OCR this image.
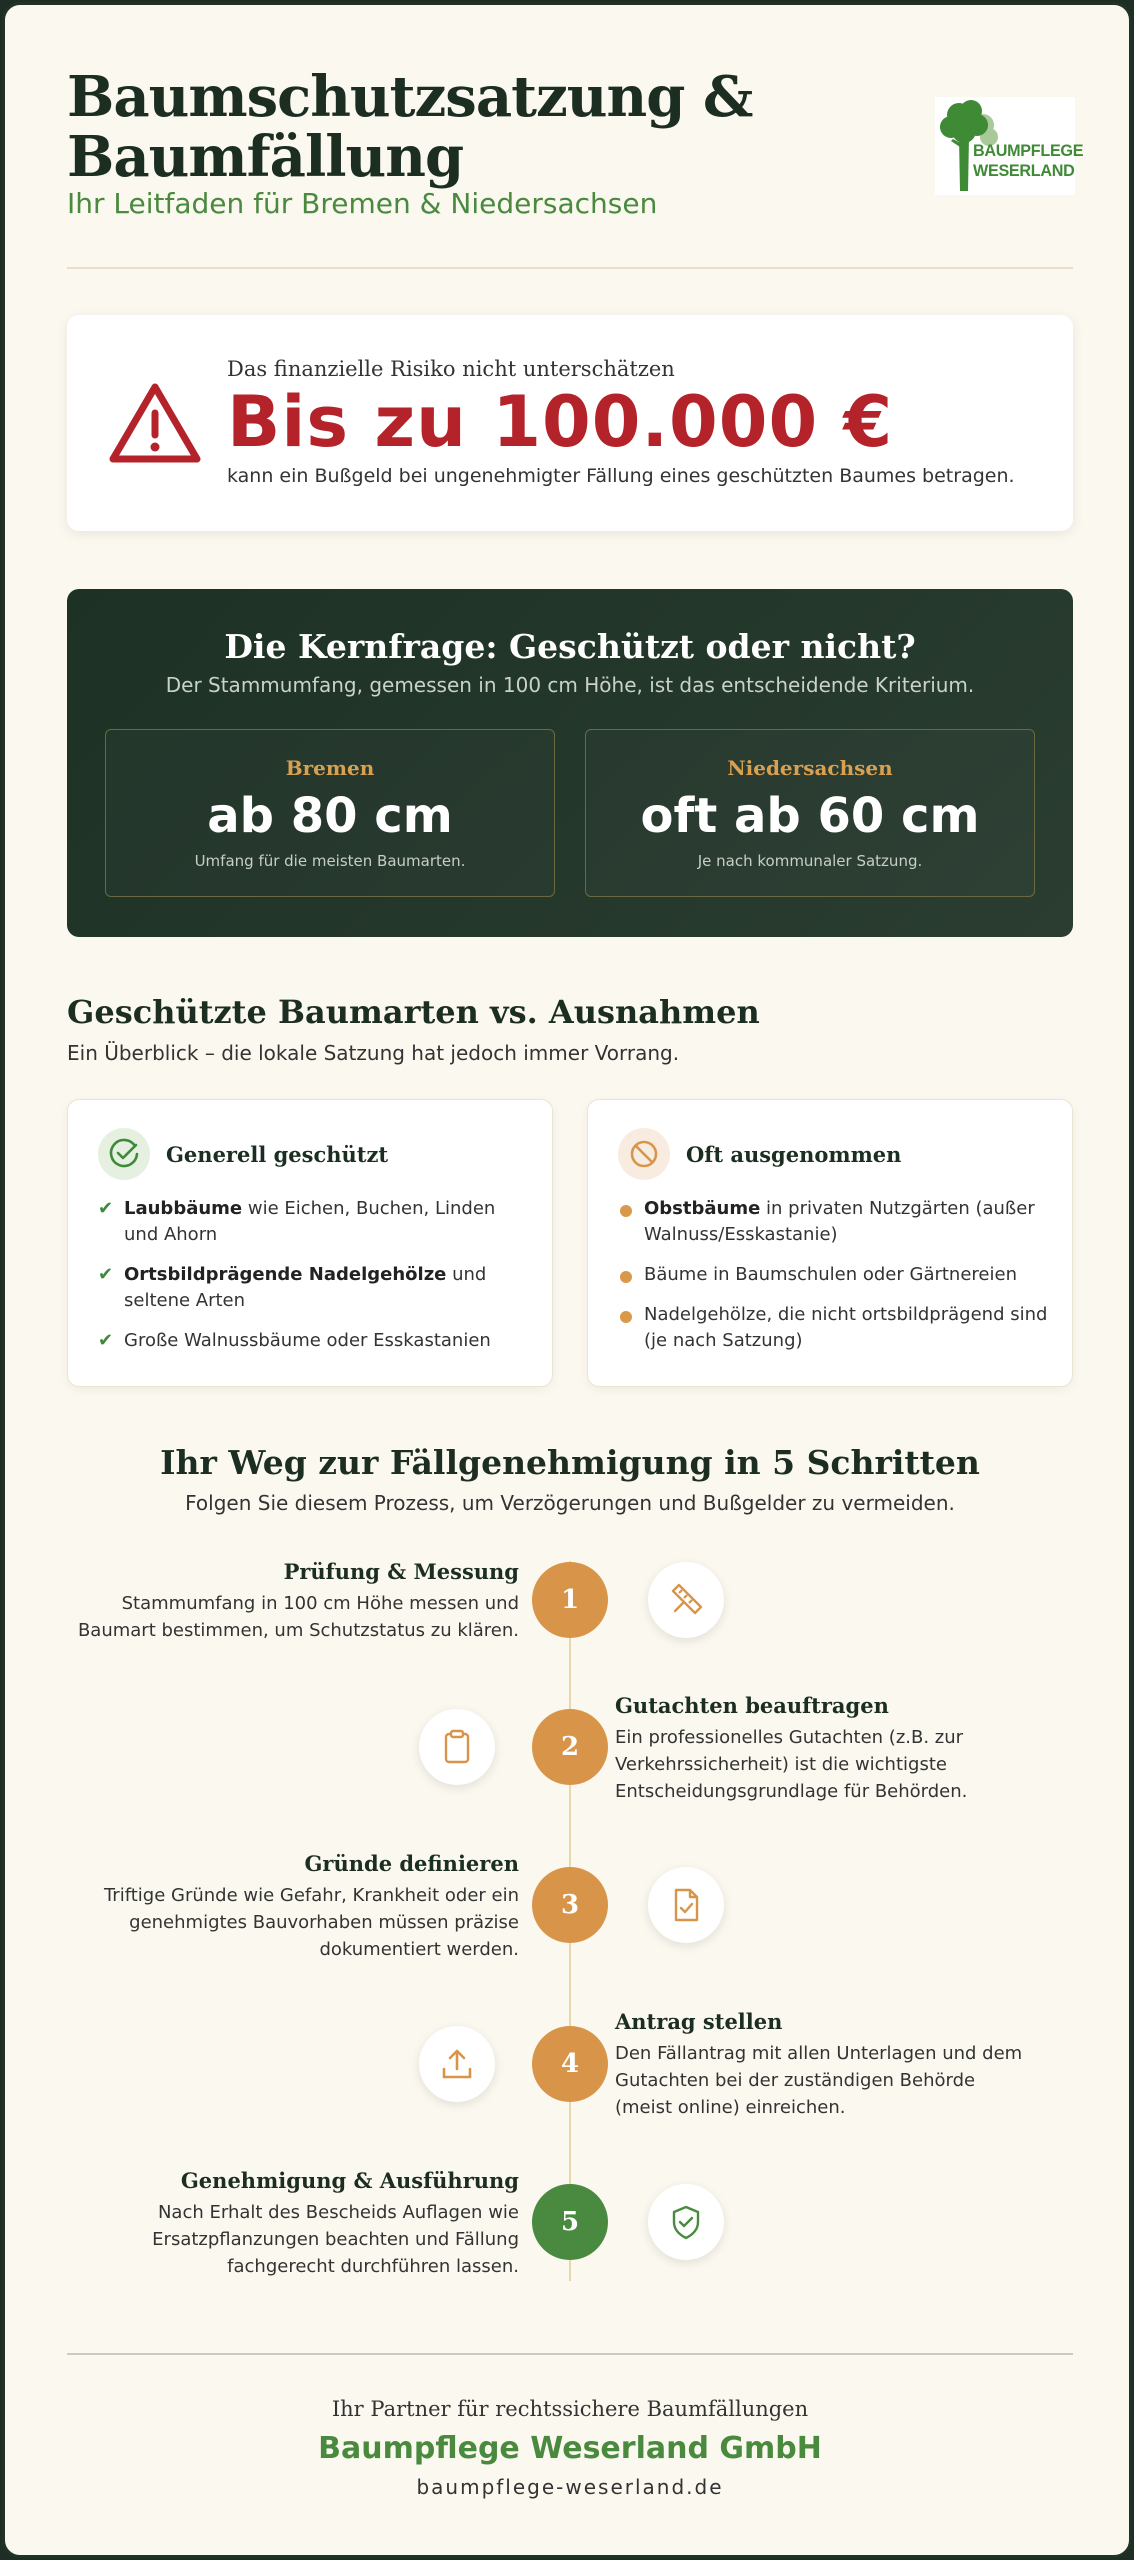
Baumschutzsatzung &
Baumfällung
Ihr Leitfaden für Bremen & Niedersachsen
BAUMPFLEGE
WESERLAND
Das finanzielle Risiko nicht unterschätzen
Bis zu 100.000 €
kann ein Bußgeld bei ungenehmigter Fällung eines geschützten Baumes betragen.
Die Kernfrage: Geschützt oder nicht?
Der Stammumfang, gemessen in 100 cm Höhe, ist das entscheidende Kriterium.
Bremen
ab 80 cm
Umfang für die meisten Baumarten.
Niedersachsen
oft ab 60 cm
Je nach kommunaler Satzung.
Geschützte Baumarten vs. Ausnahmen
Ein Überblick – die lokale Satzung hat jedoch immer Vorrang.
Generell geschützt
✔ Laubbäume wie Eichen, Buchen, Linden und Ahorn
✔ Ortsbildprägende Nadelgehölze und seltene Arten
✔ Große Walnussbäume oder Esskastanien
Oft ausgenommen
Obstbäume in privaten Nutzgärten (außer Walnuss/Esskastanie)
Bäume in Baumschulen oder Gärtnereien
Nadelgehölze, die nicht ortsbildprägend sind (je nach Satzung)
Ihr Weg zur Fällgenehmigung in 5 Schritten
Folgen Sie diesem Prozess, um Verzögerungen und Bußgelder zu vermeiden.
Prüfung & Messung
Stammumfang in 100 cm Höhe messen und Baumart bestimmen, um Schutzstatus zu klären.
1
2
Gutachten beauftragen
Ein professionelles Gutachten (z.B. zur Verkehrssicherheit) ist die wichtigste Entscheidungsgrundlage für Behörden.
Gründe definieren
Triftige Gründe wie Gefahr, Krankheit oder ein genehmigtes Bauvorhaben müssen präzise dokumentiert werden.
3
4
Antrag stellen
Den Fällantrag mit allen Unterlagen und dem Gutachten bei der zuständigen Behörde (meist online) einreichen.
Genehmigung & Ausführung
Nach Erhalt des Bescheids Auflagen wie Ersatzpflanzungen beachten und Fällung fachgerecht durchführen lassen.
5
Ihr Partner für rechtssichere Baumfällungen
Baumpflege Weserland GmbH
baumpflege-weserland.de
